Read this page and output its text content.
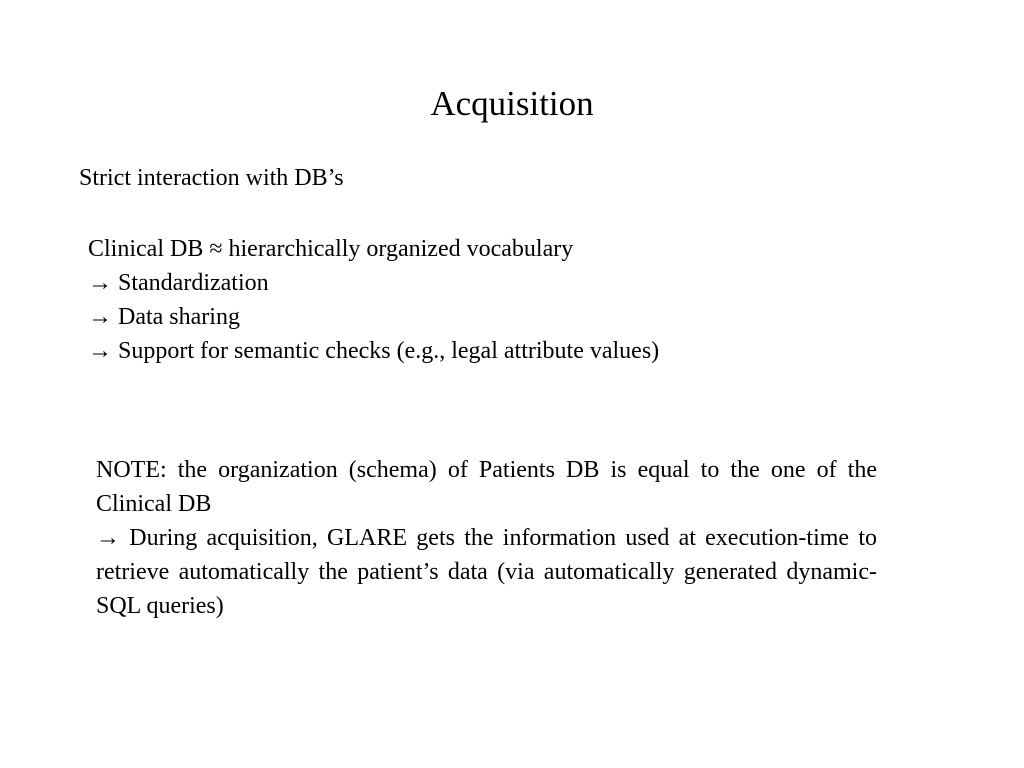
Acquisition
Strict interaction with DB’s
Clinical DB ≈ hierarchically organized vocabulary
→ Standardization
→ Data sharing
→ Support for semantic checks (e.g., legal attribute values)

NOTE: the organization (schema) of Patients DB is equal to the one of the Clinical DB

→ During acquisition, GLARE gets the information used at execution-time to retrieve automatically the patient’s data (via automatically generated dynamic-SQL queries)
